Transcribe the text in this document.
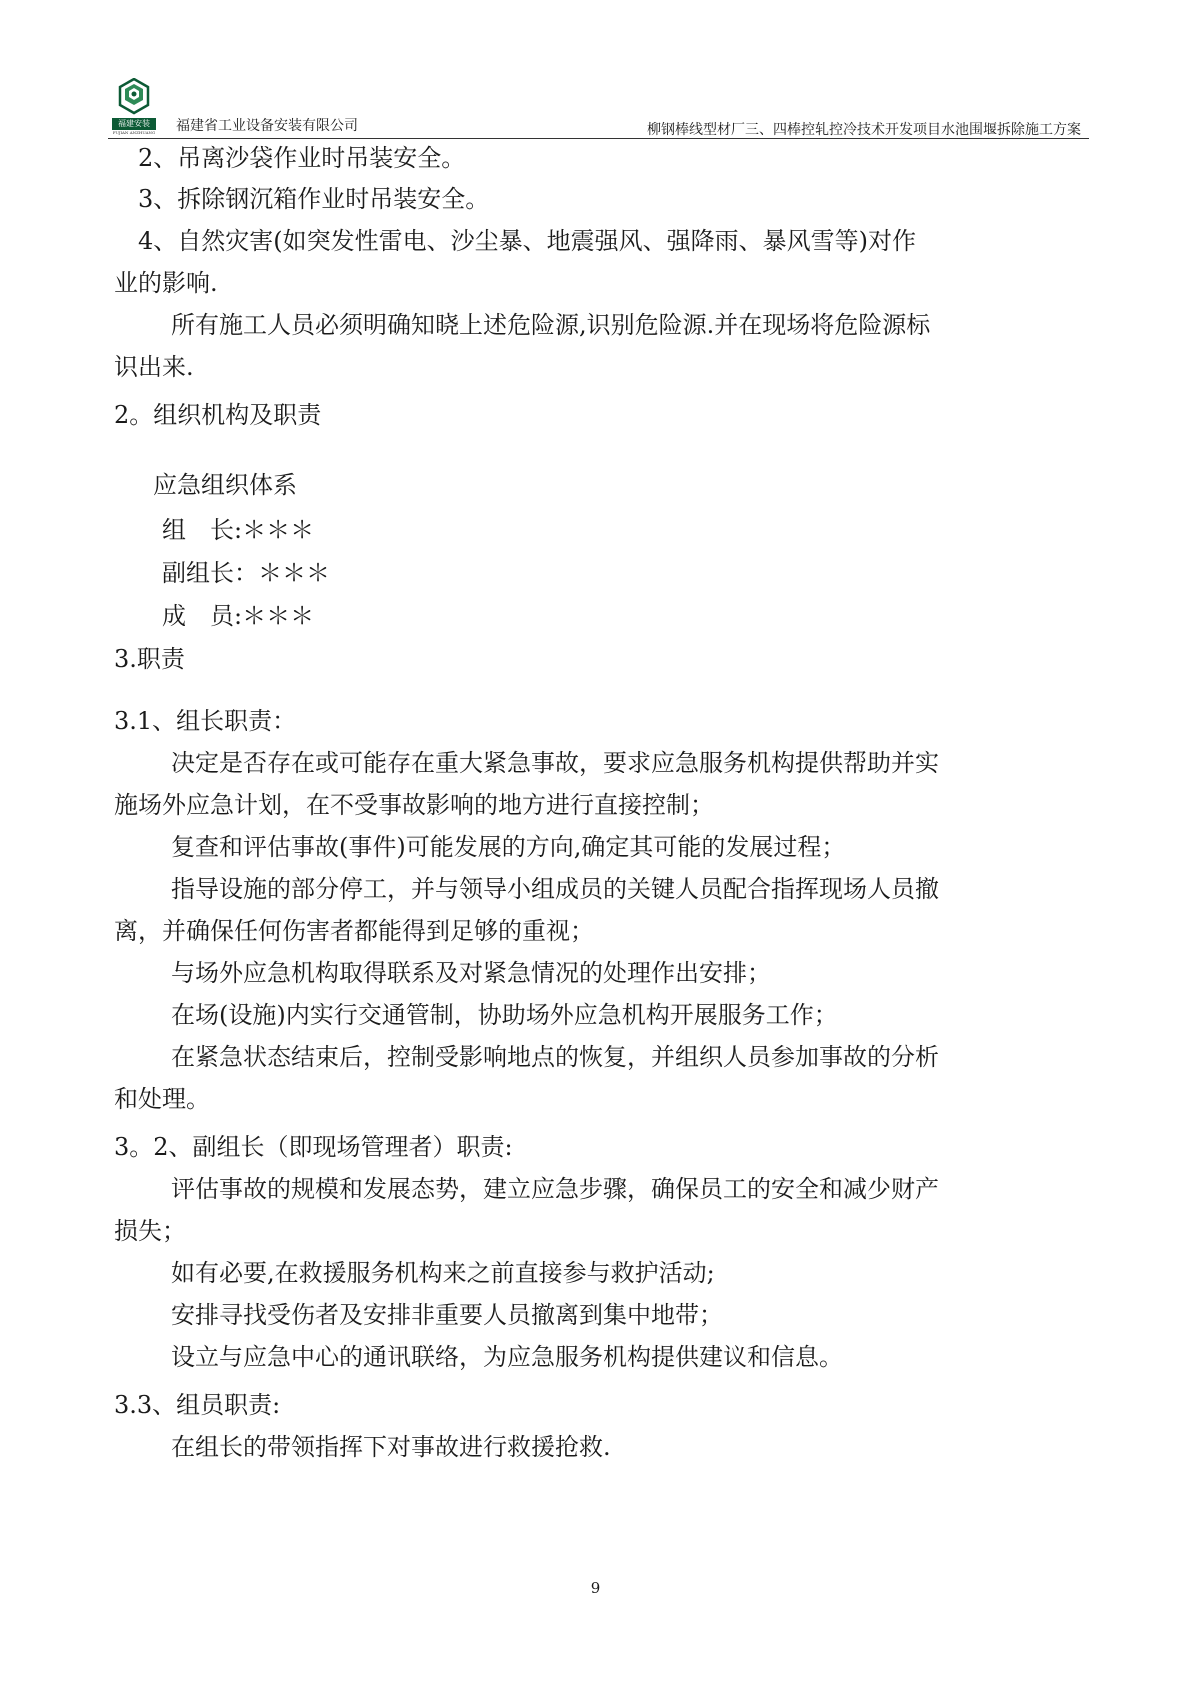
福建安装
FUJIAN ANZHUANG 福建省工业设备安装有限公司	柳钢棒线型材厂三、四棒控轧控冷技术开发项目水池围堰拆除施工方案
2、吊离沙袋作业时吊装安全。
3、拆除钢沉箱作业时吊装安全。
4、自然灾害(如突发性雷电、沙尘暴、地震强风、强降雨、暴风雪等)对作
业的影响.
所有施工人员必须明确知晓上述危险源,识别危险源.并在现场将危险源标
识出来.
2。组织机构及职责
应急组织体系
组　长:＊＊＊
副组长：＊＊＊
成　员:＊＊＊
3.职责
3.1、组长职责：
决定是否存在或可能存在重大紧急事故，要求应急服务机构提供帮助并实
施场外应急计划，在不受事故影响的地方进行直接控制；
复查和评估事故(事件)可能发展的方向,确定其可能的发展过程；
指导设施的部分停工，并与领导小组成员的关键人员配合指挥现场人员撤
离，并确保任何伤害者都能得到足够的重视；
与场外应急机构取得联系及对紧急情况的处理作出安排；
在场(设施)内实行交通管制，协助场外应急机构开展服务工作；
在紧急状态结束后，控制受影响地点的恢复，并组织人员参加事故的分析
和处理。
3。2、副组长（即现场管理者）职责:
评估事故的规模和发展态势，建立应急步骤，确保员工的安全和减少财产
损失；
如有必要,在救援服务机构来之前直接参与救护活动;
安排寻找受伤者及安排非重要人员撤离到集中地带；
设立与应急中心的通讯联络，为应急服务机构提供建议和信息。
3.3、组员职责:
在组长的带领指挥下对事故进行救援抢救.
9
